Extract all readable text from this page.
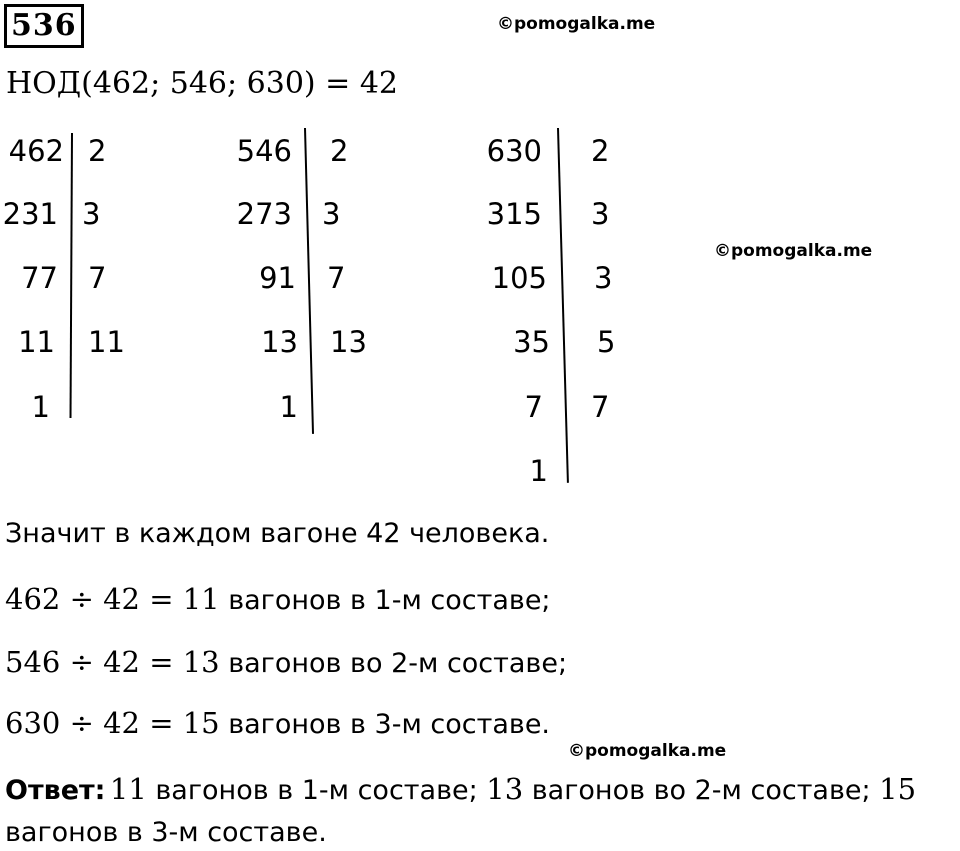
536	©pomogalka.me
©pomogalka.me
©pomogalka.me
НОД(462; 546; 630) = 42
462
231
77
11
1
2
3
7
11
546
273
91
13
1
2
3
7
13
630
315
105
35
7
1
2
3
3
5
7
Значит в каждом вагоне 42 человека.
462 ÷ 42 = 11 вагонов в 1-м составе;
546 ÷ 42 = 13 вагонов во 2-м составе;
630 ÷ 42 = 15 вагонов в 3-м составе.
Ответ: 11 вагонов в 1-м составе; 13 вагонов во 2-м составе; 15
вагонов в 3-м составе.
